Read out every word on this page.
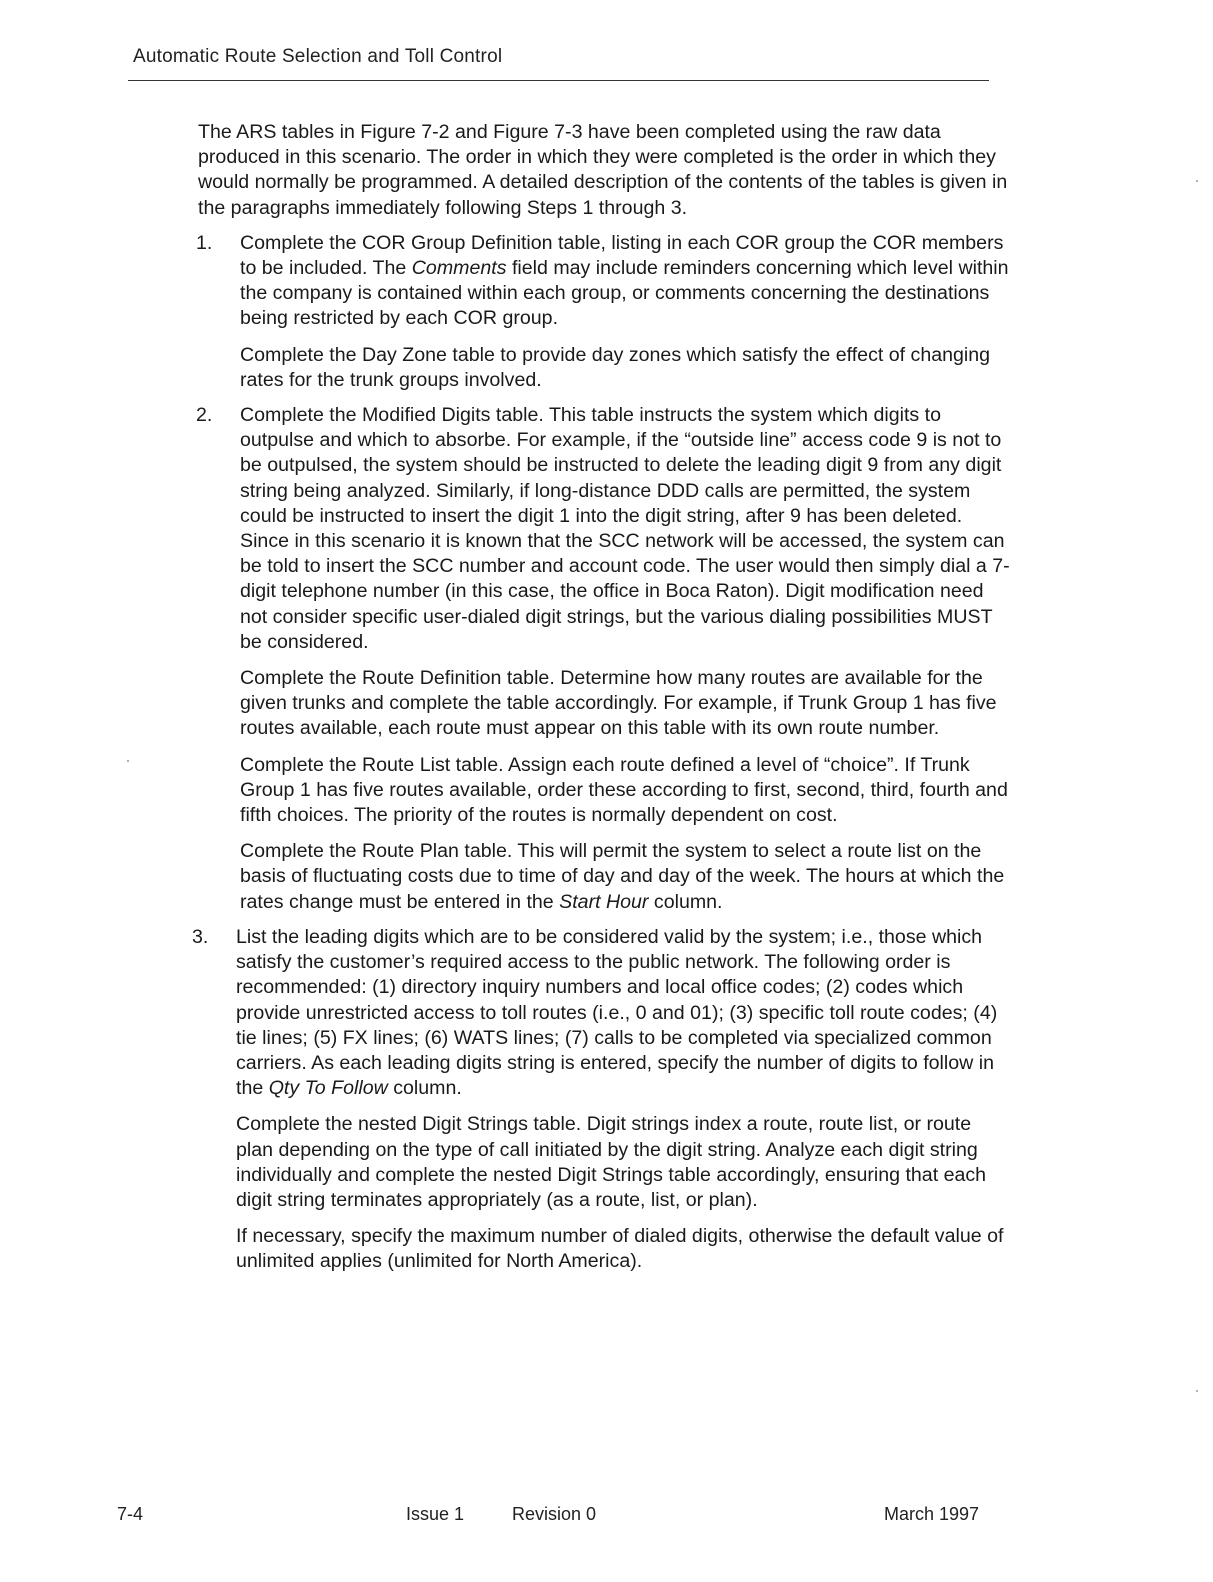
Automatic Route Selection and Toll Control

The ARS tables in Figure 7-2 and Figure 7-3 have been completed using the raw data produced in this scenario. The order in which they were completed is the order in which they would normally be programmed. A detailed description of the contents of the tables is given in the paragraphs immediately following Steps 1 through 3.

1.	Complete the COR Group Definition table, listing in each COR group the COR members to be included. The Comments field may include reminders concerning which level within the company is contained within each group, or comments concerning the destinations being restricted by each COR group.

Complete the Day Zone table to provide day zones which satisfy the effect of changing rates for the trunk groups involved.

2.	Complete the Modified Digits table. This table instructs the system which digits to outpulse and which to absorbe. For example, if the “outside line” access code 9 is not to be outpulsed, the system should be instructed to delete the leading digit 9 from any digit string being analyzed. Similarly, if long-distance DDD calls are permitted, the system could be instructed to insert the digit 1 into the digit string, after 9 has been deleted. Since in this scenario it is known that the SCC network will be accessed, the system can be told to insert the SCC number and account code. The user would then simply dial a 7-digit telephone number (in this case, the office in Boca Raton). Digit modification need not consider specific user-dialed digit strings, but the various dialing possibilities MUST be considered.

Complete the Route Definition table. Determine how many routes are available for the given trunks and complete the table accordingly. For example, if Trunk Group 1 has five routes available, each route must appear on this table with its own route number.

Complete the Route List table. Assign each route defined a level of “choice”. If Trunk Group 1 has five routes available, order these according to first, second, third, fourth and fifth choices. The priority of the routes is normally dependent on cost.

Complete the Route Plan table. This will permit the system to select a route list on the basis of fluctuating costs due to time of day and day of the week. The hours at which the rates change must be entered in the Start Hour column.

3.	List the leading digits which are to be considered valid by the system; i.e., those which satisfy the customer’s required access to the public network. The following order is recommended: (1) directory inquiry numbers and local office codes; (2) codes which provide unrestricted access to toll routes (i.e., 0 and 01); (3) specific toll route codes; (4) tie lines; (5) FX lines; (6) WATS lines; (7) calls to be completed via specialized common carriers. As each leading digits string is entered, specify the number of digits to follow in the Qty To Follow column.

Complete the nested Digit Strings table. Digit strings index a route, route list, or route plan depending on the type of call initiated by the digit string. Analyze each digit string individually and complete the nested Digit Strings table accordingly, ensuring that each digit string terminates appropriately (as a route, list, or plan).

If necessary, specify the maximum number of dialed digits, otherwise the default value of unlimited applies (unlimited for North America).

7-4	Issue 1	Revision 0	March 1997
